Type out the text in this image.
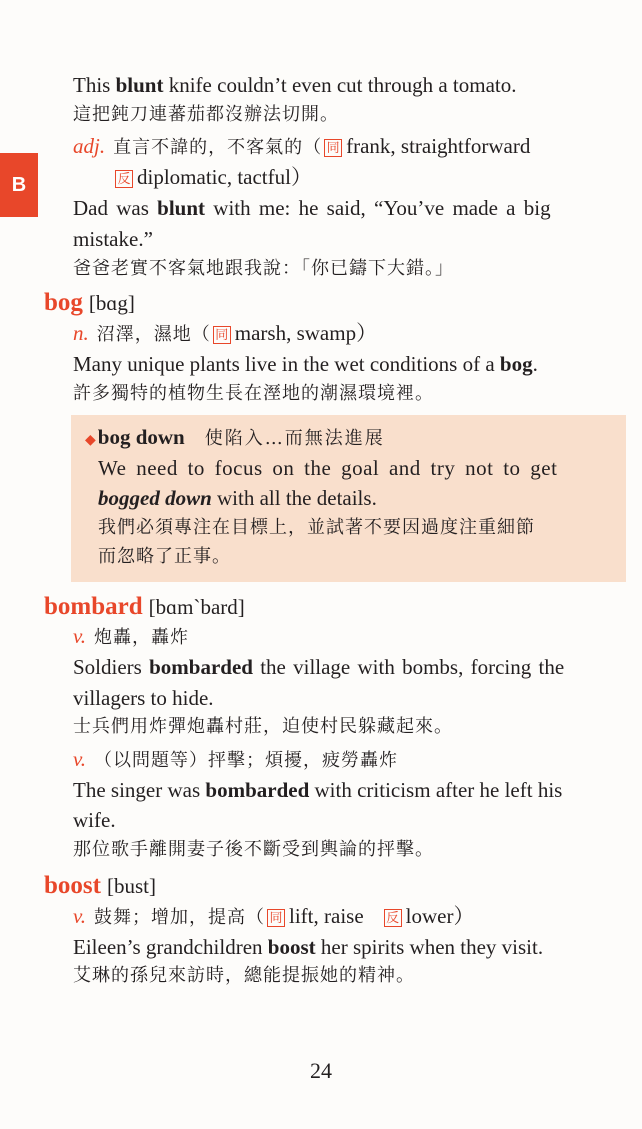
B
This blunt knife couldn’t even cut through a tomato.
這把鈍刀連蕃茄都沒辦法切開。
adj. 直言不諱的，不客氣的（ 同 frank, straightforward
反 diplomatic, tactful）
Dad was blunt with me: he said, “You’ve made a big
mistake.”
爸爸老實不客氣地跟我說：「你已鑄下大錯。」
bog [bɑg]
n. 沼澤，濕地（ 同 marsh, swamp）
Many unique plants live in the wet conditions of a bog.
許多獨特的植物生長在溼地的潮濕環境裡。
◆bog down 使陷入…而無法進展
We need to focus on the goal and try not to get
bogged down with all the details.
我們必須專注在目標上，並試著不要因過度注重細節
而忽略了正事。
bombard [bɑm`bard]
v. 炮轟，轟炸
Soldiers bombarded the village with bombs, forcing the
villagers to hide.
士兵們用炸彈炮轟村莊，迫使村民躲藏起來。
v. （以問題等）抨擊；煩擾，疲勞轟炸
The singer was bombarded with criticism after he left his
wife.
那位歌手離開妻子後不斷受到輿論的抨擊。
boost [bust]
v. 鼓舞；增加，提高（ 同 lift, raise 反 lower）
Eileen’s grandchildren boost her spirits when they visit.
艾琳的孫兒來訪時，總能提振她的精神。
24
